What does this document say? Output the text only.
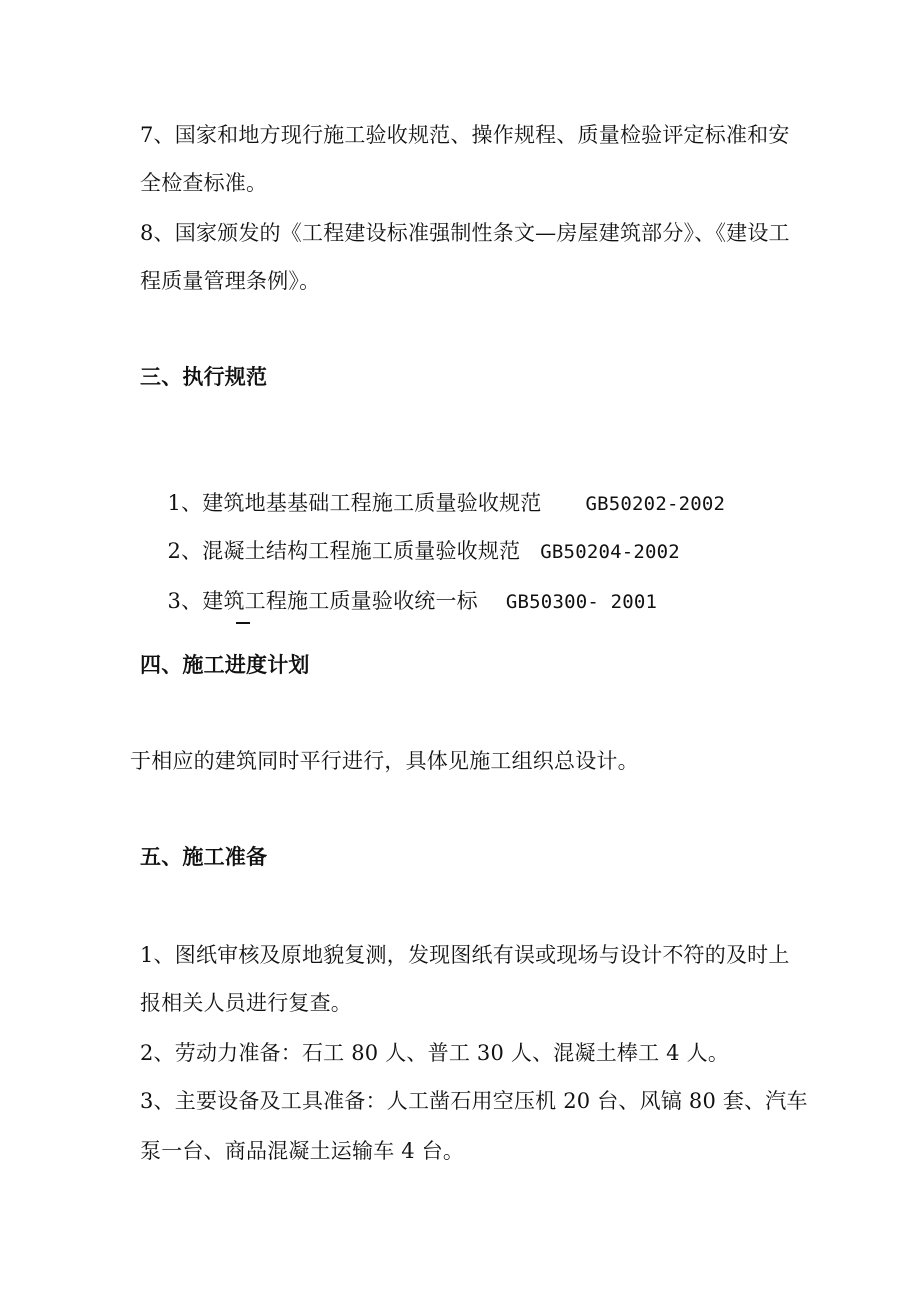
7、国家和地方现行施工验收规范、操作规程、质量检验评定标准和安
全检查标准。
8、国家颁发的《工程建设标准强制性条文—房屋建筑部分》、《建设工
程质量管理条例》。
三、执行规范

1、建筑地基基础工程施工质量验收规范 GB50202-2002

2、混凝土结构工程施工质量验收规范 GB50204-2002

3、建筑工程施工质量验收统一标 GB50300- 2001

四、施工进度计划
于相应的建筑同时平行进行，具体见施工组织总设计。
五、施工准备
1、图纸审核及原地貌复测，发现图纸有误或现场与设计不符的及时上
报相关人员进行复查。
2、劳动力准备：石工 80 人、普工 30 人、混凝土棒工 4 人。
3、主要设备及工具准备：人工凿石用空压机 20 台、风镐 80 套、汽车
泵一台、商品混凝土运输车 4 台。
